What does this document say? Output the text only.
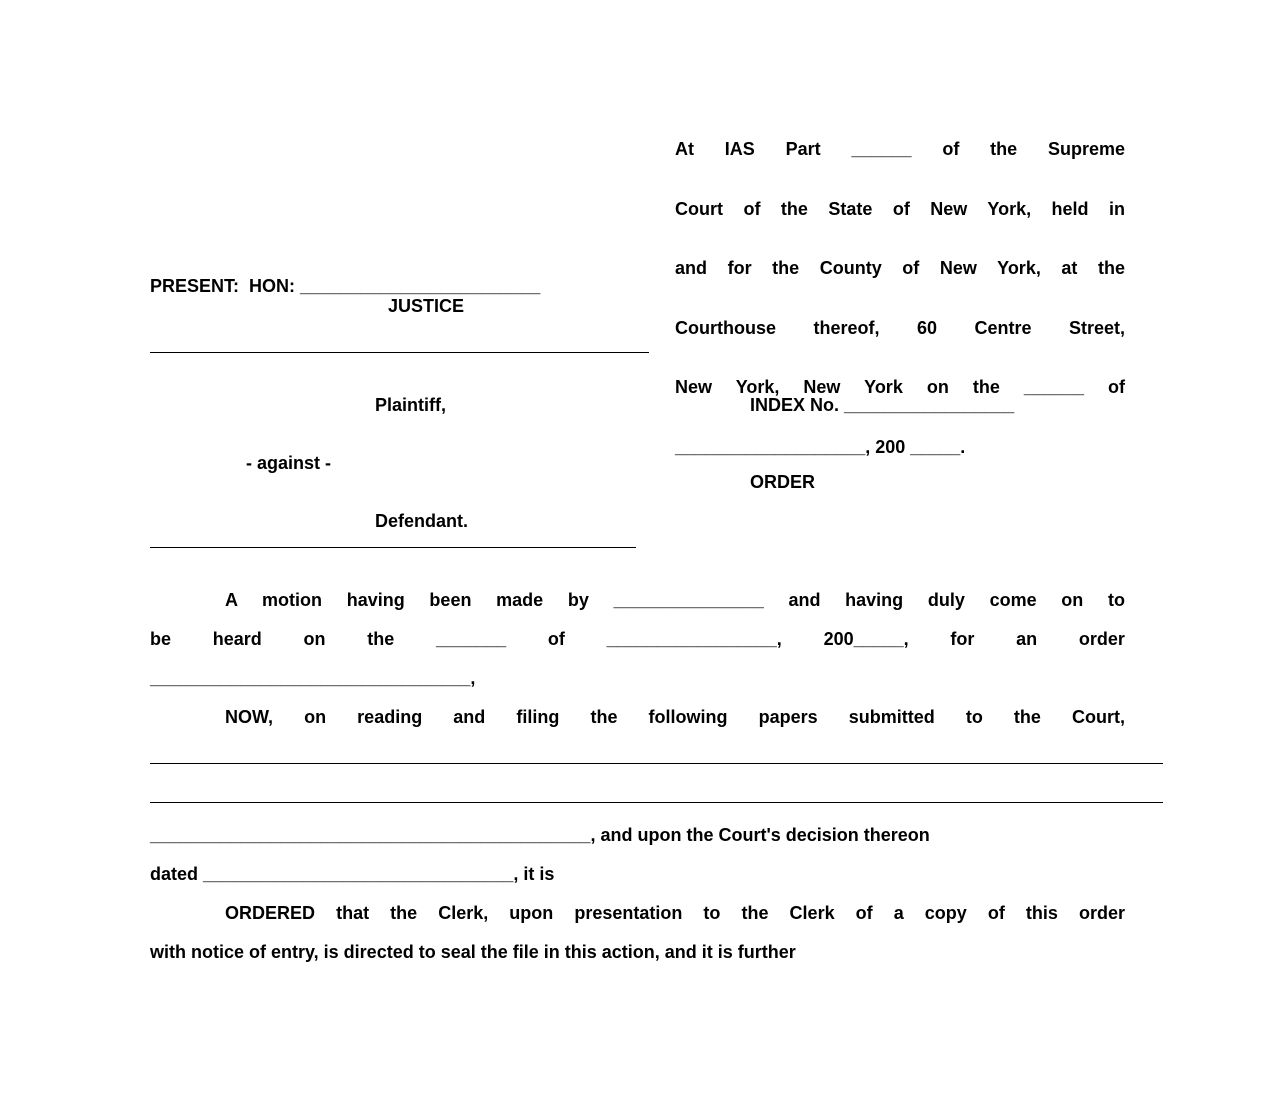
At IAS Part ______ of the Supreme

Court of the State of New York, held in

and for the County of New York, at the

Courthouse thereof, 60 Centre Street,

New York, New York on the ______ of

___________________, 200 _____.

PRESENT:  HON: ________________________
JUSTICE
Plaintiff,	INDEX No. _________________
- against -
ORDER
Defendant.
A motion having been made by _______________ and having duly come on to
be heard on the _______ of _________________, 200_____, for an order
________________________________,
NOW, on reading and filing the following papers submitted to the Court,
____________________________________________, and upon the Court's decision thereon
dated _______________________________, it is
ORDERED that the Clerk, upon presentation to the Clerk of a copy of this order
with notice of entry, is directed to seal the file in this action, and it is further
